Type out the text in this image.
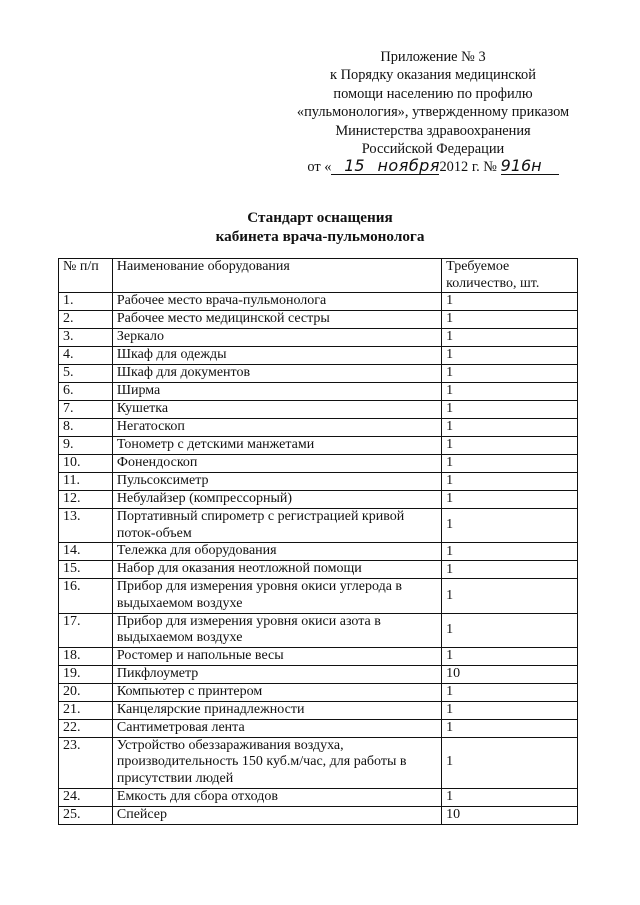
Приложение № 3
к Порядку оказания медицинской
помощи населению по профилю
«пульмонология», утвержденному приказом
Министерства здравоохранения
Российской Федерации
от « 15 ноября2012 г. № 916н
Стандарт оснащения
кабинета врача-пульмонолога
№ п/п	Наименование оборудования	Требуемое количество, шт.
1.	Рабочее место врача-пульмонолога	1
2.	Рабочее место медицинской сестры	1
3.	Зеркало	1
4.	Шкаф для одежды	1
5.	Шкаф для документов	1
6.	Ширма	1
7.	Кушетка	1
8.	Негатоскоп	1
9.	Тонометр с детскими манжетами	1
10.	Фонендоскоп	1
11.	Пульсоксиметр	1
12.	Небулайзер (компрессорный)	1
13.	Портативный спирометр с регистрацией кривой поток-объем	1
14.	Тележка для оборудования	1
15.	Набор для оказания неотложной помощи	1
16.	Прибор для измерения уровня окиси углерода в выдыхаемом воздухе	1
17.	Прибор для измерения уровня окиси азота в выдыхаемом воздухе	1
18.	Ростомер и напольные весы	1
19.	Пикфлоуметр	10
20.	Компьютер с принтером	1
21.	Канцелярские принадлежности	1
22.	Сантиметровая лента	1
23.	Устройство обеззараживания воздуха, производительность 150 куб.м/час, для работы в присутствии людей	1
24.	Емкость для сбора отходов	1
25.	Спейсер	10
